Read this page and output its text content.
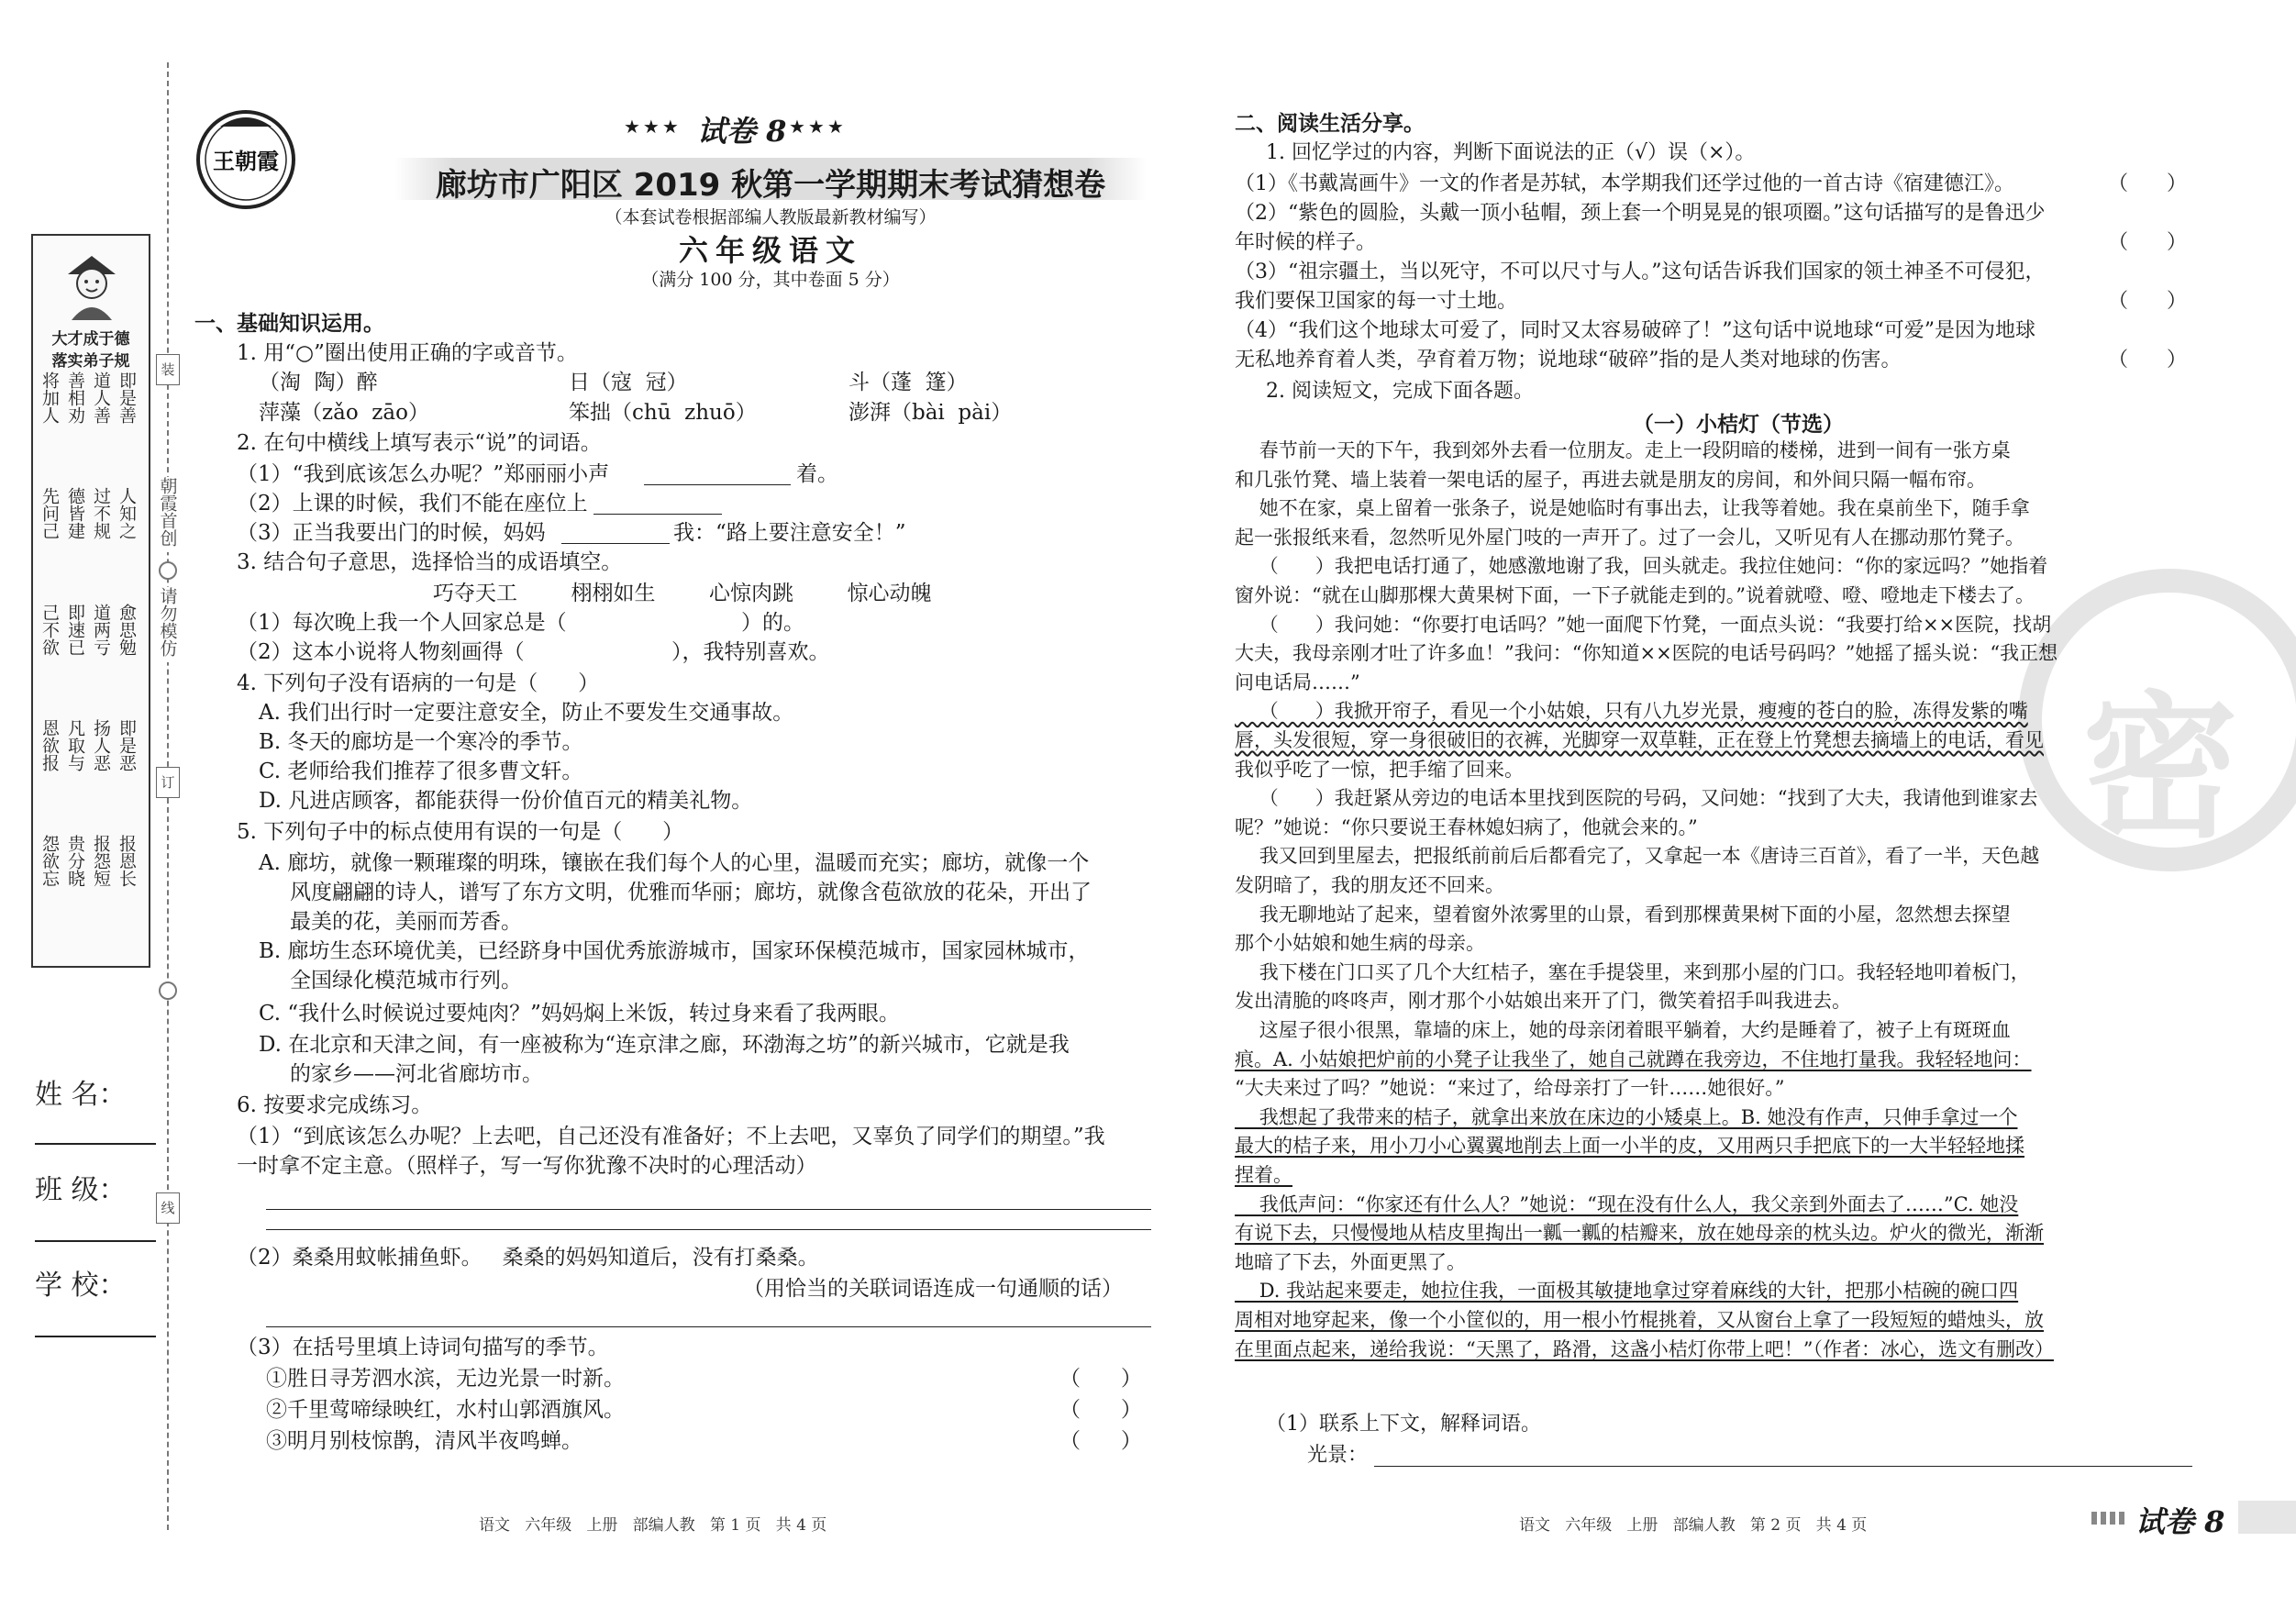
装
朝霞首创
请勿模仿
订
线
大才成于德
落实弟子规
将加人 善相劝 道人善 即是善
先问己 德皆建 过不规 人知之
己不欲 即速已 道两亏 愈思勉
恩欲报 凡取与 扬人恶 即是恶
怨欲忘 贵分晓 报怨短 报恩长
姓 名：
班 级：
学 校：
王朝霞
★★★ 试卷 8 ★★★
廊坊市广阳区 2019 秋第一学期期末考试猜想卷
（本套试卷根据部编人教版最新教材编写）
六年级语文
（满分 100 分，其中卷面 5 分）
一、基础知识运用。
1. 用“○”圈出使用正确的字或音节。
（淘  陶）醉	日（寇  冠）	斗（蓬  篷）
萍藻（zǎo  zāo）	笨拙（chū  zhuō）	澎湃（bài  pài）
2. 在句中横线上填写表示“说”的词语。
（1）“我到底该怎么办呢？”郑丽丽小声	着。
（2）上课的时候，我们不能在座位上
（3）正当我要出门的时候，妈妈	我：“路上要注意安全！”
3. 结合句子意思，选择恰当的成语填空。
巧夺天工        栩栩如生        心惊肉跳        惊心动魄
（1）每次晚上我一个人回家总是（	）的。
（2）这本小说将人物刻画得（	），我特别喜欢。
4. 下列句子没有语病的一句是（      ）
A. 我们出行时一定要注意安全，防止不要发生交通事故。
B. 冬天的廊坊是一个寒冷的季节。
C. 老师给我们推荐了很多曹文轩。
D. 凡进店顾客，都能获得一份价值百元的精美礼物。
5. 下列句子中的标点使用有误的一句是（      ）
A. 廊坊，就像一颗璀璨的明珠，镶嵌在我们每个人的心里，温暖而充实；廊坊，就像一个
风度翩翩的诗人，谱写了东方文明，优雅而华丽；廊坊，就像含苞欲放的花朵，开出了
最美的花，美丽而芳香。
B. 廊坊生态环境优美，已经跻身中国优秀旅游城市，国家环保模范城市，国家园林城市，
全国绿化模范城市行列。
C. “我什么时候说过要炖肉？”妈妈焖上米饭，转过身来看了我两眼。
D. 在北京和天津之间，有一座被称为“连京津之廊，环渤海之坊”的新兴城市，它就是我
的家乡——河北省廊坊市。
6. 按要求完成练习。
（1）“到底该怎么办呢？上去吧，自己还没有准备好；不上去吧，又辜负了同学们的期望。”我
一时拿不定主意。（照样子，写一写你犹豫不决时的心理活动）
（2）桑桑用蚊帐捕鱼虾。   桑桑的妈妈知道后，没有打桑桑。
（用恰当的关联词语连成一句通顺的话）
（3）在括号里填上诗词句描写的季节。
①胜日寻芳泗水滨，无边光景一时新。	（      ）
②千里莺啼绿映红，水村山郭酒旗风。	（      ）
③明月别枝惊鹊，清风半夜鸣蝉。	（      ）
语文   六年级   上册   部编人教   第 1 页   共 4 页
密
二、阅读生活分享。
1. 回忆学过的内容，判断下面说法的正（√）误（×）。
（1）《书戴嵩画牛》一文的作者是苏轼，本学期我们还学过他的一首古诗《宿建德江》。	（      ）
（2）“紫色的圆脸，头戴一顶小毡帽，颈上套一个明晃晃的银项圈。”这句话描写的是鲁迅少
年时候的样子。	（      ）
（3）“祖宗疆土，当以死守，不可以尺寸与人。”这句话告诉我们国家的领土神圣不可侵犯，
我们要保卫国家的每一寸土地。	（      ）
（4）“我们这个地球太可爱了，同时又太容易破碎了！”这句话中说地球“可爱”是因为地球
无私地养育着人类，孕育着万物；说地球“破碎”指的是人类对地球的伤害。	（      ）
2. 阅读短文，完成下面各题。
（一）小桔灯（节选）
春节前一天的下午，我到郊外去看一位朋友。走上一段阴暗的楼梯，进到一间有一张方桌
和几张竹凳、墙上装着一架电话的屋子，再进去就是朋友的房间，和外间只隔一幅布帘。
她不在家，桌上留着一张条子，说是她临时有事出去，让我等着她。我在桌前坐下，随手拿
起一张报纸来看，忽然听见外屋门吱的一声开了。过了一会儿，又听见有人在挪动那竹凳子。
（      ）我把电话打通了，她感激地谢了我，回头就走。我拉住她问：“你的家远吗？”她指着
窗外说：“就在山脚那棵大黄果树下面，一下子就能走到的。”说着就噔、噔、噔地走下楼去了。
（      ）我问她：“你要打电话吗？”她一面爬下竹凳，一面点头说：“我要打给××医院，找胡
大夫，我母亲刚才吐了许多血！”我问：“你知道××医院的电话号码吗？”她摇了摇头说：“我正想
问电话局……”
（      ）我掀开帘子，看见一个小姑娘，只有八九岁光景，瘦瘦的苍白的脸，冻得发紫的嘴
唇，头发很短，穿一身很破旧的衣裤，光脚穿一双草鞋，正在登上竹凳想去摘墙上的电话，看见
我似乎吃了一惊，把手缩了回来。
（      ）我赶紧从旁边的电话本里找到医院的号码，又问她：“找到了大夫，我请他到谁家去
呢？”她说：“你只要说王春林媳妇病了，他就会来的。”
我又回到里屋去，把报纸前前后后都看完了，又拿起一本《唐诗三百首》，看了一半，天色越
发阴暗了，我的朋友还不回来。
我无聊地站了起来，望着窗外浓雾里的山景，看到那棵黄果树下面的小屋，忽然想去探望
那个小姑娘和她生病的母亲。
我下楼在门口买了几个大红桔子，塞在手提袋里，来到那小屋的门口。我轻轻地叩着板门，
发出清脆的咚咚声，刚才那个小姑娘出来开了门，微笑着招手叫我进去。
这屋子很小很黑，靠墙的床上，她的母亲闭着眼平躺着，大约是睡着了，被子上有斑斑血
痕。A. 小姑娘把炉前的小凳子让我坐了，她自己就蹲在我旁边，不住地打量我。我轻轻地问：
“大夫来过了吗？”她说：“来过了，给母亲打了一针……她很好。”
我想起了我带来的桔子，就拿出来放在床边的小矮桌上。B. 她没有作声，只伸手拿过一个
最大的桔子来，用小刀小心翼翼地削去上面一小半的皮，又用两只手把底下的一大半轻轻地揉
捏着。
我低声问：“你家还有什么人？”她说：“现在没有什么人，我父亲到外面去了……”C. 她没
有说下去，只慢慢地从桔皮里掏出一瓤一瓤的桔瓣来，放在她母亲的枕头边。炉火的微光，渐渐
地暗了下去，外面更黑了。
D. 我站起来要走，她拉住我，一面极其敏捷地拿过穿着麻线的大针，把那小桔碗的碗口四
周相对地穿起来，像一个小筐似的，用一根小竹棍挑着，又从窗台上拿了一段短短的蜡烛头，放
在里面点起来，递给我说：“天黑了，路滑，这盏小桔灯你带上吧！”（作者：冰心，选文有删改）
（1）联系上下文，解释词语。
光景：
语文   六年级   上册   部编人教   第 2 页   共 4 页	试卷 8
